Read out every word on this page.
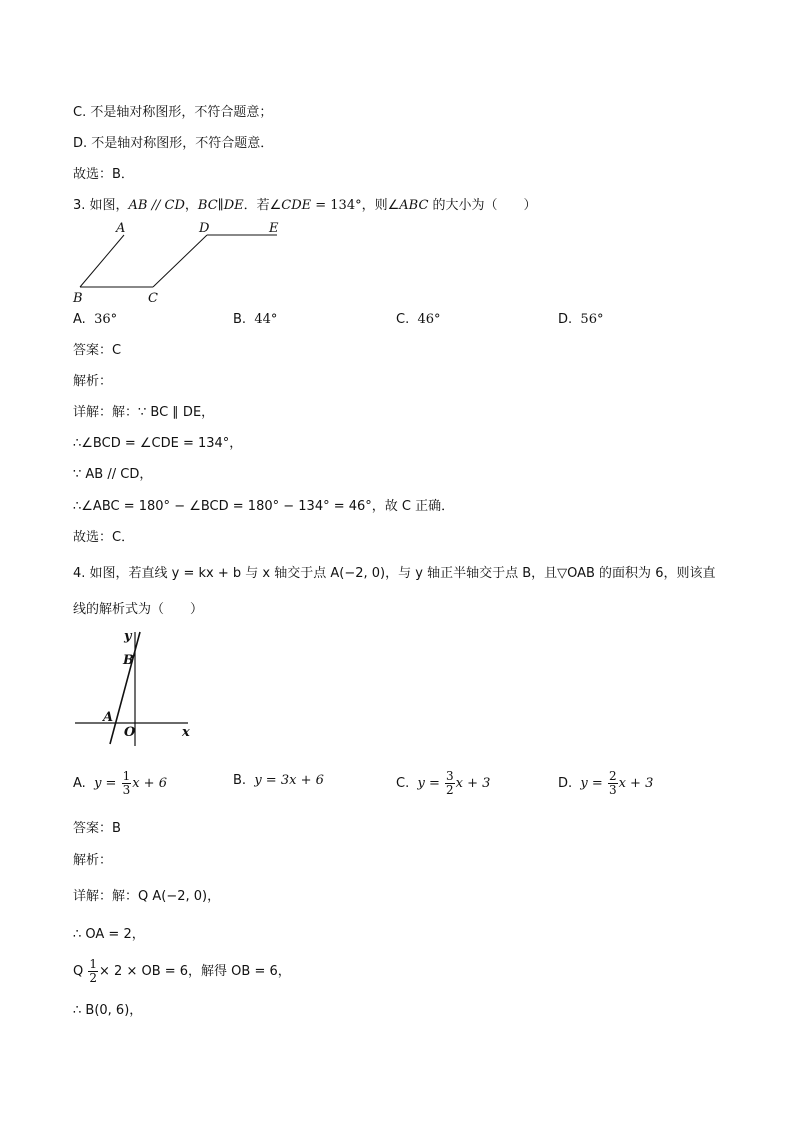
C. 不是轴对称图形，不符合题意；
D. 不是轴对称图形，不符合题意．
故选：B．
3. 如图，AB // CD，BC∥DE．若∠CDE = 134°，则∠ABC 的大小为（　　）
A	D	E
B	C
A. 36°	B. 44°	C. 46°	D. 56°
答案：C
解析：
详解：解：∵ BC ∥ DE，
∴∠BCD = ∠CDE = 134°，
∵ AB // CD，
∴∠ABC = 180° − ∠BCD = 180° − 134° = 46°，故 C 正确．
故选：C．
4. 如图，若直线 y = kx + b 与 x 轴交于点 A(−2, 0)，与 y 轴正半轴交于点 B，且▽OAB 的面积为 6，则该直
线的解析式为（　　）
y
x
B
A
O
A. $y = \frac{1}{3}$ x + 6	B. y = 3x + 6	C. $y = \frac{3}{2}$ x + 3	D. $y = \frac{2}{3}$ x + 3
答案：B
解析：
详解：解：Q A(−2, 0)，
∴ OA = 2，
Q $\frac{1}{2} \times 2$ × OB = 6，解得 OB = 6，
∴ B(0, 6)，
